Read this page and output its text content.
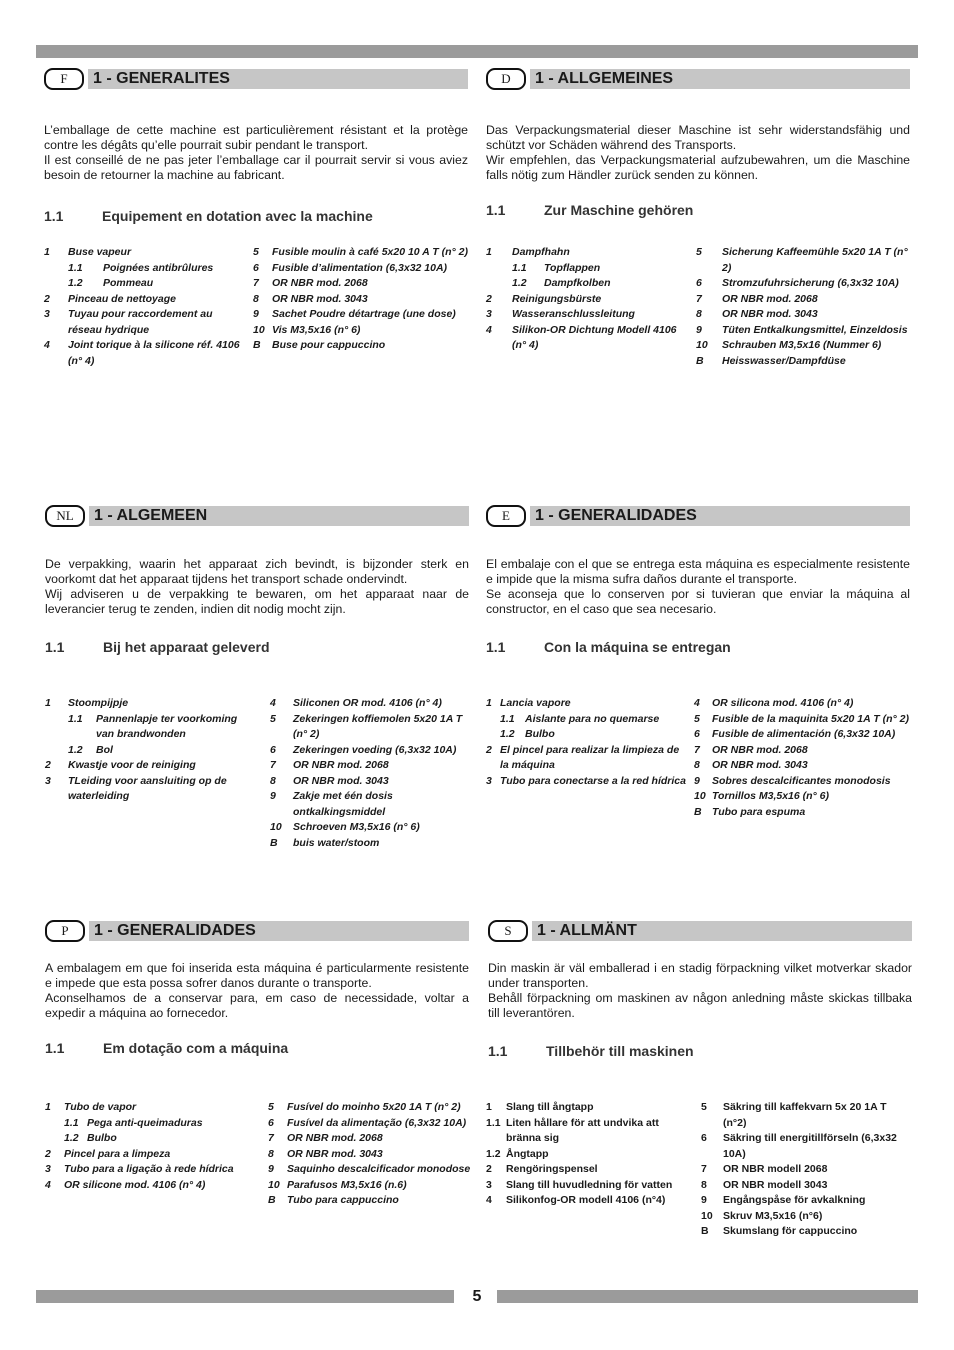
F	1 - GENERALITES

L’emballage de cette machine est particulièrement résistant et la protège contre les dégâts qu’elle pourrait subir pendant le transport.

Il est conseillé de ne pas jeter l’emballage car il pourrait servir si vous aviez besoin de retourner la machine au fabricant.

1.1	Equipement en dotation avec la machine
1	Buse vapeur
1.1	Poignées antibrûlures
1.2	Pommeau
2	Pinceau de nettoyage
3	Tuyau pour raccordement au réseau hydrique
4	Joint torique à la silicone réf. 4106 (n° 4)
5	Fusible moulin à café 5x20 10 A T (n° 2)
6	Fusible d’alimentation (6,3x32 10A)
7	OR NBR mod. 2068
8	OR NBR mod. 3043
9	Sachet Poudre détartrage (une dose)
10 Vis M3,5x16 (n° 6)
B	Buse pour cappuccino
D	1 - ALLGEMEINES

Das Verpackungsmaterial dieser Maschine ist sehr widerstandsfähig und schützt vor Schäden während des Transports.

Wir empfehlen, das Verpackungsmaterial aufzubewahren, um die Maschine falls nötig zum Händler zurück senden zu können.

1.1	Zur Maschine gehören
1	Dampfhahn
1.1	Topflappen
1.2	Dampfkolben
2	Reinigungsbürste
3	Wasseranschlussleitung
4	Silikon-OR Dichtung Modell 4106 (n° 4)
5	Sicherung Kaffeemühle 5x20 1A T (n° 2)
6	Stromzufuhrsicherung (6,3x32 10A)
7	OR NBR mod. 2068
8	OR NBR mod. 3043
9	Tüten Entkalkungsmittel, Einzeldosis
10	Schrauben M3,5x16 (Nummer 6)
B	Heisswasser/Dampfdüse
NL	1 - ALGEMEEN

De verpakking, waarin het apparaat zich bevindt, is bijzonder sterk en voorkomt dat het apparaat tijdens het transport schade ondervindt.

Wij adviseren u de verpakking te bewaren, om het apparaat naar de leverancier terug te zenden, indien dit nodig mocht zijn.

1.1	Bij het apparaat geleverd
1	Stoompijpje
1.1	Pannenlapje ter voorkoming van brandwonden
1.2	Bol
2	Kwastje voor de reiniging
3	TLeiding voor aansluiting op de waterleiding
4	Siliconen OR mod. 4106 (n° 4)
5	Zekeringen koffiemolen 5x20 1A T (n° 2)
6	Zekeringen voeding (6,3x32 10A)
7	OR NBR mod. 2068
8	OR NBR mod. 3043
9	Zakje met één dosis ontkalkingsmiddel
10	Schroeven M3,5x16 (n° 6)
B	buis water/stoom
E	1 - GENERALIDADES

El embalaje con el que se entrega esta máquina es especialmente resistente e impide que la misma sufra daños durante el transporte.

Se aconseja que lo conserven por si tuvieran que enviar la máquina al constructor, en el caso que sea necesario.

1.1	Con la máquina se entregan
1 Lancia vapore
1.1 Aislante para no quemarse
1.2 Bulbo
2 El pincel para realizar la limpieza de la máquina
3 Tubo para conectarse a la red hídrica
4	OR silicona mod. 4106 (n° 4)
5	Fusible de la maquinita 5x20 1A T (n° 2)
6	Fusible de alimentación (6,3x32 10A)
7	OR NBR mod. 2068
8	OR NBR mod. 3043
9	Sobres descalcificantes monodosis
10 Tornillos M3,5x16 (n° 6)
B Tubo para espuma
P	1 - GENERALIDADES

A embalagem em que foi inserida esta máquina é particularmente resistente e impede que esta possa sofrer danos durante o transporte.

Aconselhamos de a conservar para, em caso de necessidade, voltar a expedir a máquina ao fornecedor.

1.1	Em dotação com a máquina
1	Tubo de vapor
1.1 Pega anti-queimaduras
1.2 Bulbo
2	Pincel para a limpeza
3	Tubo para a ligação à rede hídrica
4	OR silicone mod. 4106 (n° 4)
5	Fusível do moinho 5x20 1A T (n° 2)
6	Fusível da alimentação (6,3x32 10A)
7	OR NBR mod. 2068
8	OR NBR mod. 3043
9	Saquinho descalcificador monodose
10 Parafusos M3,5x16 (n.6)
B	Tubo para cappuccino
S	1 - ALLMÄNT

Din maskin är väl emballerad i en stadig förpackning vilket motverkar skador under transporten.

Behåll förpackning om maskinen av någon anledning måste skickas tillbaka till leverantören.

1.1	Tillbehör till maskinen
1	Slang till ångtapp
1.1 Liten hållare för att undvika att bränna sig
1.2 Ångtapp
2	Rengöringspensel
3	Slang till huvudledning för vatten
4	Silikonfog-OR modell 4106 (n°4)
5	Säkring till kaffekvarn 5x 20 1A T (n°2)
6	Säkring till energitillförseln (6,3x32 10A)
7	OR NBR modell 2068
8	OR NBR modell 3043
9	Engångspåse för avkalkning
10 Skruv M3,5x16 (n°6)
B	Skumslang för cappuccino
5
